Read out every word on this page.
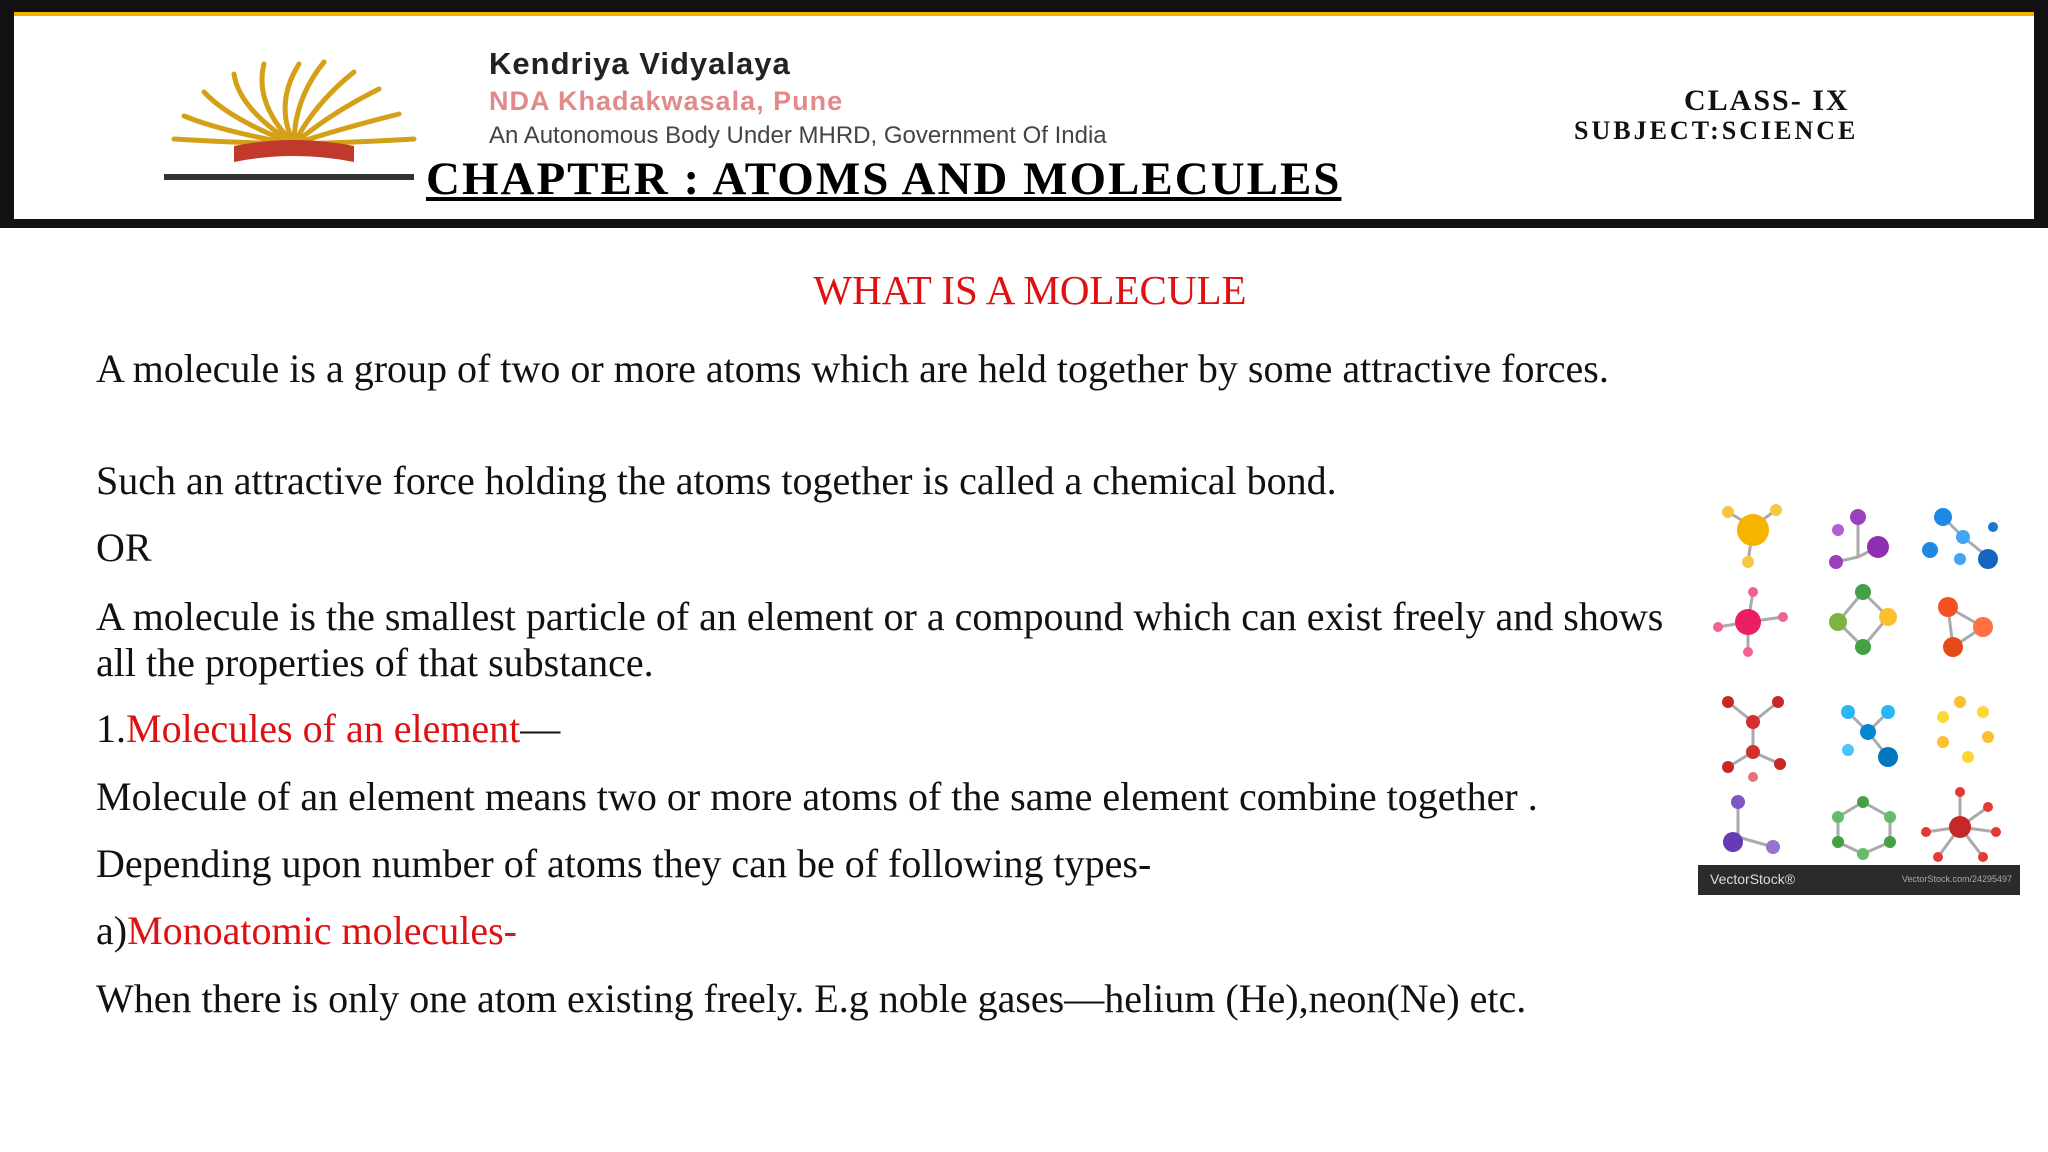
Kendriya Vidyalaya
NDA Khadakwasala, Pune
An Autonomous Body Under MHRD, Government Of India
CHAPTER : ATOMS AND MOLECULES
CLASS- IX
SUBJECT:SCIENCE
WHAT IS A MOLECULE
A molecule is a group of two or more atoms which are held together by some attractive forces.
Such an attractive force holding the atoms together is called a chemical bond.
OR
A molecule is the smallest particle of an element or a compound which can exist freely and shows all the properties of that substance.
1.Molecules of an element—
Molecule of an element means two or more atoms of the same element combine together .
Depending upon number of atoms they can be of following types-
a)Monoatomic molecules-
When there is only one atom existing freely. E.g noble gases—helium (He),neon(Ne) etc.
VectorStock®	VectorStock.com/24295497
